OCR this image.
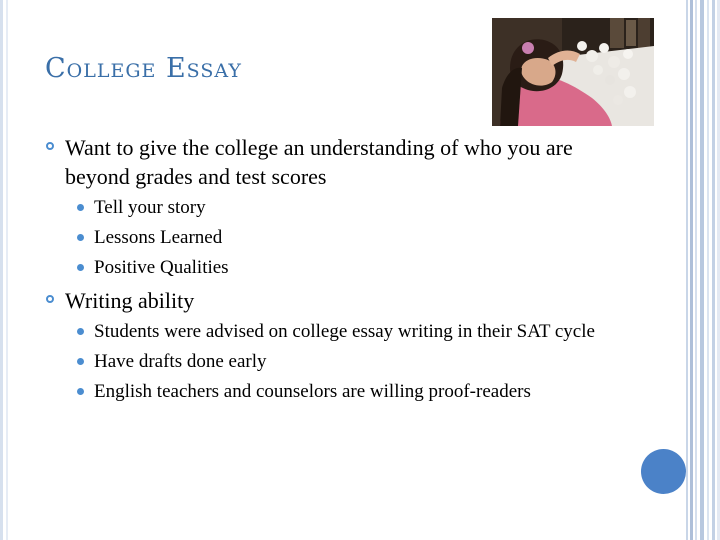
College Essay
Want to give the college an understanding of who you are beyond grades and test scores
Tell your story
Lessons Learned
Positive Qualities
Writing ability
Students were advised on college essay writing in their SAT cycle
Have drafts done early
English teachers and counselors are willing proof-readers
